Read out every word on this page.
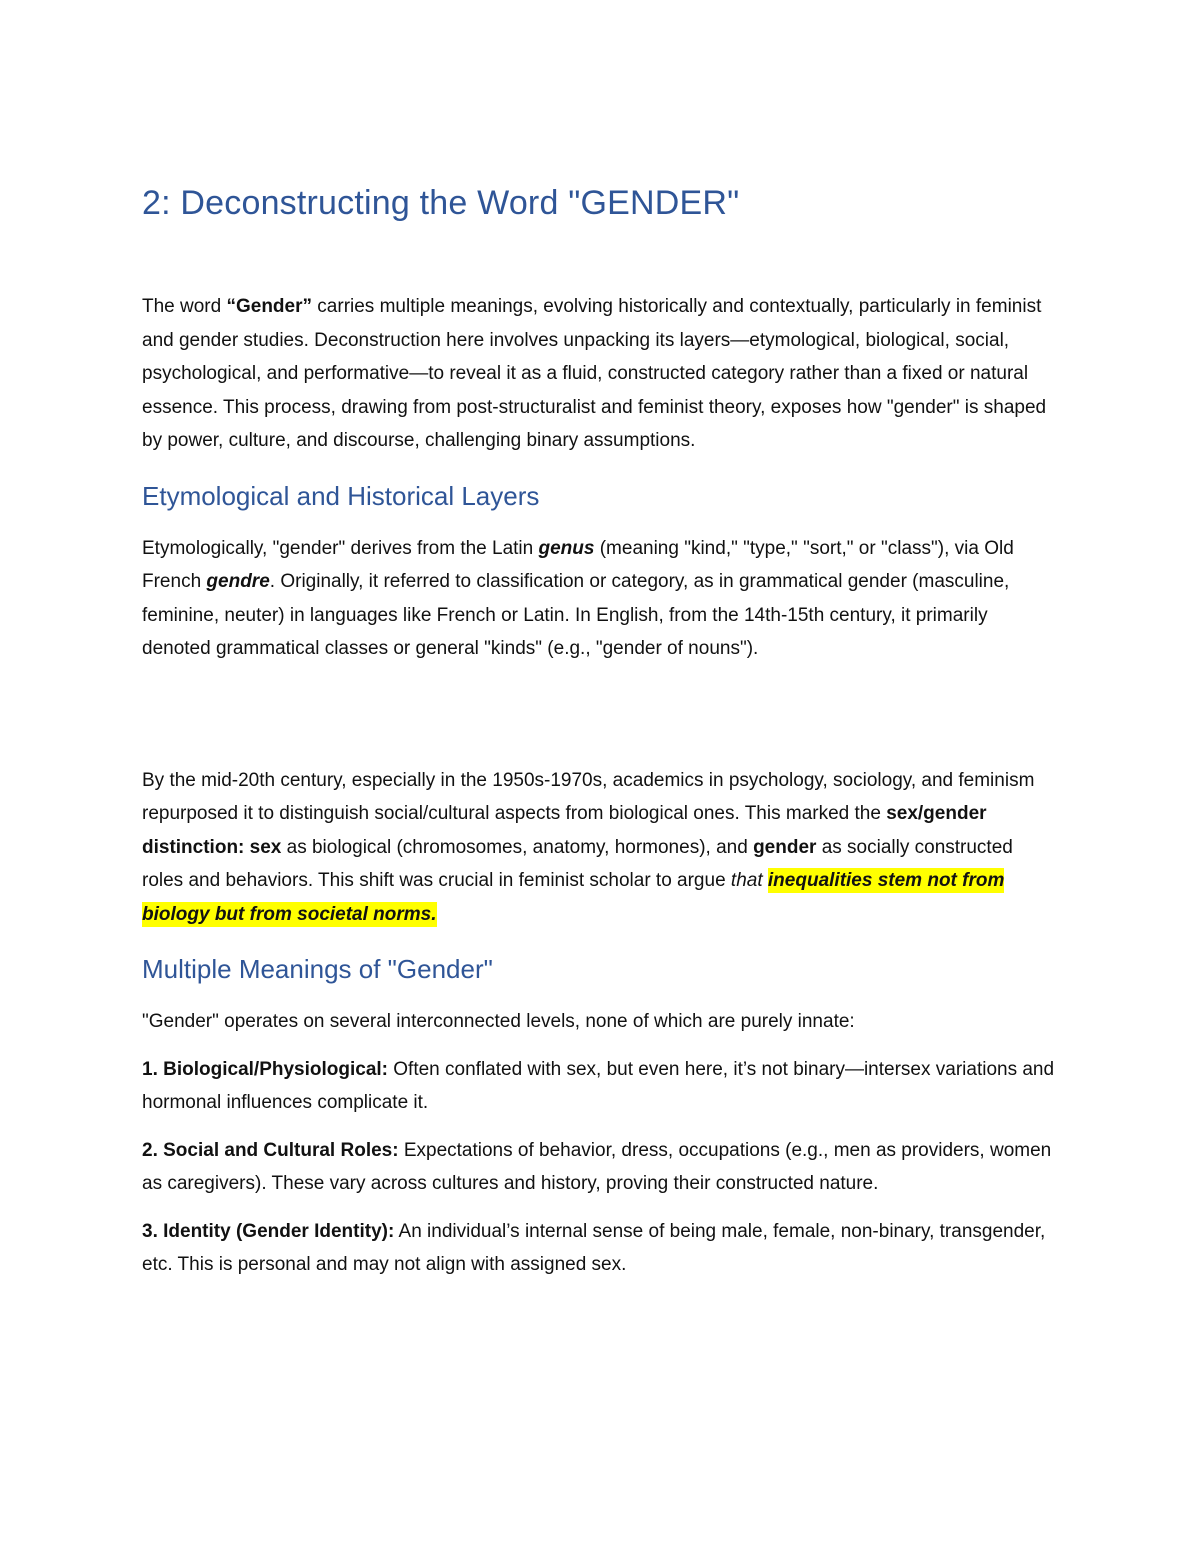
2: Deconstructing the Word "GENDER"

The word “Gender” carries multiple meanings, evolving historically and contextually, particularly in feminist and gender studies. Deconstruction here involves unpacking its layers—etymological, biological, social, psychological, and performative—to reveal it as a fluid, constructed category rather than a fixed or natural essence. This process, drawing from post-structuralist and feminist theory, exposes how "gender" is shaped by power, culture, and discourse, challenging binary assumptions.

Etymological and Historical Layers

Etymologically, "gender" derives from the Latin genus (meaning "kind," "type," "sort," or "class"), via Old French gendre. Originally, it referred to classification or category, as in grammatical gender (masculine, feminine, neuter) in languages like French or Latin. In English, from the 14th-15th century, it primarily denoted grammatical classes or general "kinds" (e.g., "gender of nouns").

By the mid-20th century, especially in the 1950s-1970s, academics in psychology, sociology, and feminism repurposed it to distinguish social/cultural aspects from biological ones. This marked the sex/gender distinction: sex as biological (chromosomes, anatomy, hormones), and gender as socially constructed roles and behaviors. This shift was crucial in feminist scholar to argue that inequalities stem not from biology but from societal norms.

Multiple Meanings of "Gender"

"Gender" operates on several interconnected levels, none of which are purely innate:

1. Biological/Physiological: Often conflated with sex, but even here, it’s not binary—intersex variations and hormonal influences complicate it.

2. Social and Cultural Roles: Expectations of behavior, dress, occupations (e.g., men as providers, women as caregivers). These vary across cultures and history, proving their constructed nature.

3. Identity (Gender Identity): An individual’s internal sense of being male, female, non-binary, transgender, etc. This is personal and may not align with assigned sex.
